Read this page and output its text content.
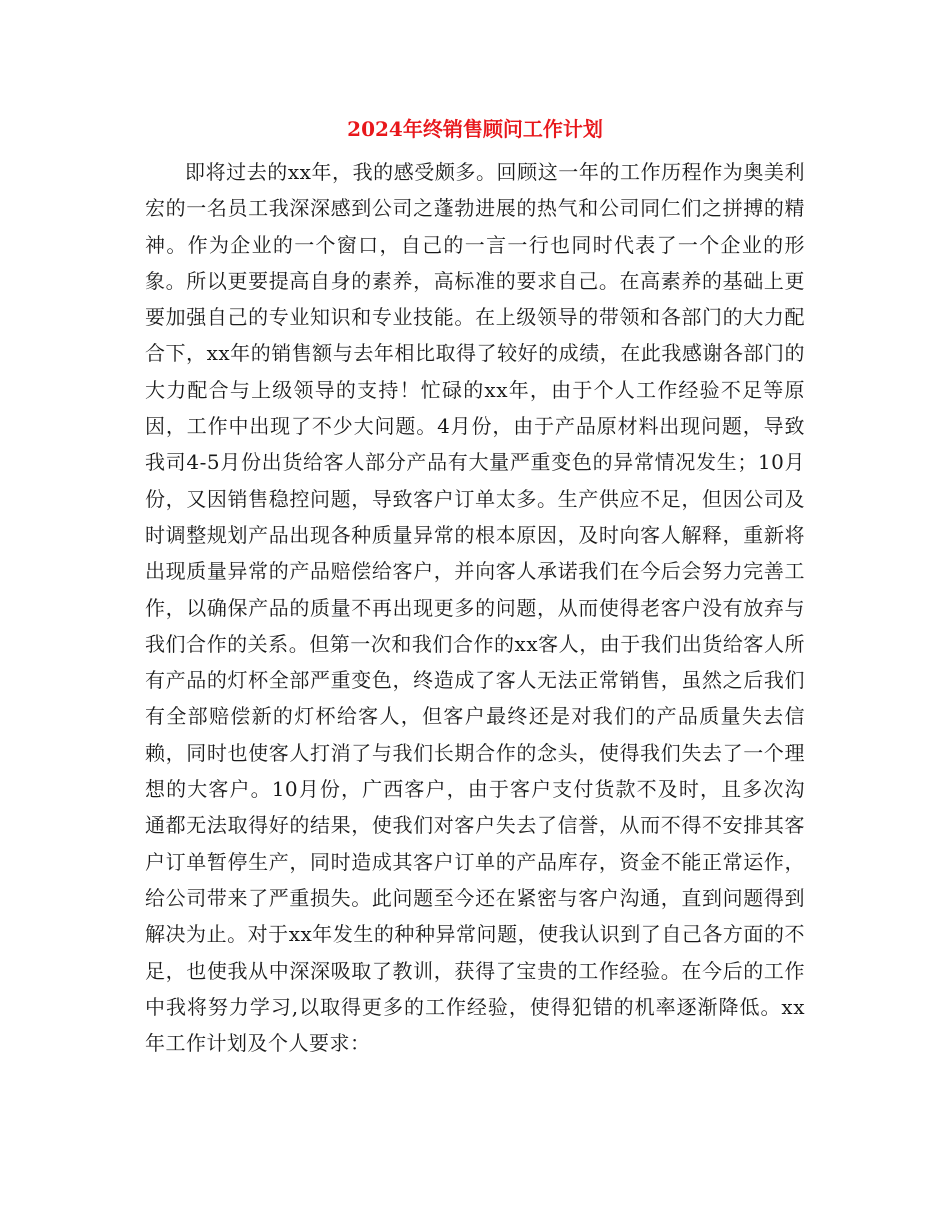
2024年终销售顾问工作计划

即将过去的xx年，我的感受颇多。回顾这一年的工作历程作为奥美利宏的一名员工我深深感到公司之蓬勃进展的热气和公司同仁们之拼搏的精神。作为企业的一个窗口，自己的一言一行也同时代表了一个企业的形象。所以更要提高自身的素养，高标准的要求自己。在高素养的基础上更要加强自己的专业知识和专业技能。在上级领导的带领和各部门的大力配合下，xx年的销售额与去年相比取得了较好的成绩，在此我感谢各部门的大力配合与上级领导的支持！忙碌的xx年，由于个人工作经验不足等原因，工作中出现了不少大问题。4月份，由于产品原材料出现问题，导致我司4-5月份出货给客人部分产品有大量严重变色的异常情况发生；10月份，又因销售稳控问题，导致客户订单太多。生产供应不足，但因公司及时调整规划产品出现各种质量异常的根本原因，及时向客人解释，重新将出现质量异常的产品赔偿给客户，并向客人承诺我们在今后会努力完善工作，以确保产品的质量不再出现更多的问题，从而使得老客户没有放弃与我们合作的关系。但第一次和我们合作的xx客人，由于我们出货给客人所有产品的灯杯全部严重变色，终造成了客人无法正常销售，虽然之后我们有全部赔偿新的灯杯给客人，但客户最终还是对我们的产品质量失去信赖，同时也使客人打消了与我们长期合作的念头，使得我们失去了一个理想的大客户。10月份，广西客户，由于客户支付货款不及时，且多次沟通都无法取得好的结果，使我们对客户失去了信誉，从而不得不安排其客户订单暂停生产，同时造成其客户订单的产品库存，资金不能正常运作，给公司带来了严重损失。此问题至今还在紧密与客户沟通，直到问题得到解决为止。对于xx年发生的种种异常问题，使我认识到了自己各方面的不足，也使我从中深深吸取了教训，获得了宝贵的工作经验。在今后的工作中我将努力学习,以取得更多的工作经验，使得犯错的机率逐渐降低。xx年工作计划及个人要求：
